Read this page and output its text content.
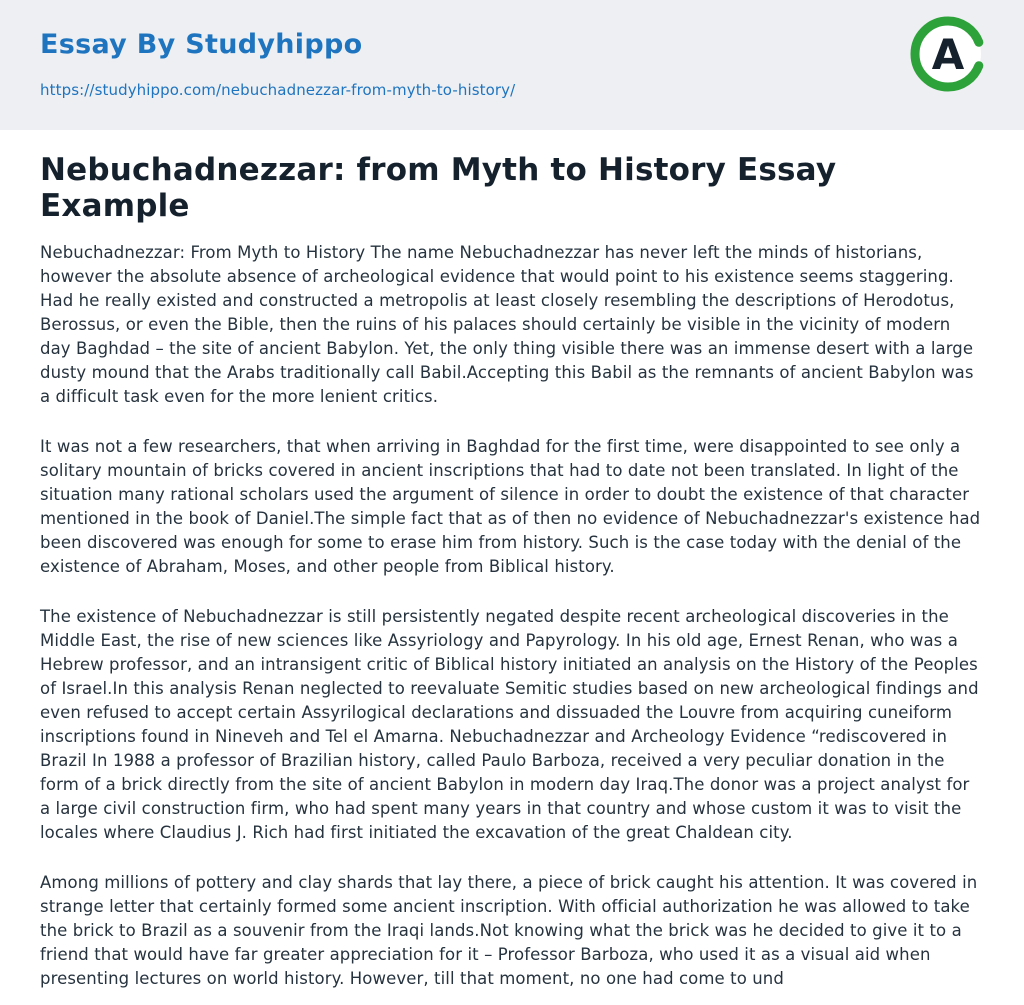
Essay By Studyhippo
https://studyhippo.com/nebuchadnezzar-from-myth-to-history/
A
Nebuchadnezzar: from Myth to History Essay Example

Nebuchadnezzar: From Myth to History The name Nebuchadnezzar has never left the minds of historians, however the absolute absence of archeological evidence that would point to his existence seems staggering. Had he really existed and constructed a metropolis at least closely resembling the descriptions of Herodotus, Berossus, or even the Bible, then the ruins of his palaces should certainly be visible in the vicinity of modern day Baghdad – the site of ancient Babylon. Yet, the only thing visible there was an immense desert with a large dusty mound that the Arabs traditionally call Babil.Accepting this Babil as the remnants of ancient Babylon was a difficult task even for the more lenient critics.

It was not a few researchers, that when arriving in Baghdad for the first time, were disappointed to see only a solitary mountain of bricks covered in ancient inscriptions that had to date not been translated. In light of the situation many rational scholars used the argument of silence in order to doubt the existence of that character mentioned in the book of Daniel.The simple fact that as of then no evidence of Nebuchadnezzar's existence had been discovered was enough for some to erase him from history. Such is the case today with the denial of the existence of Abraham, Moses, and other people from Biblical history.

The existence of Nebuchadnezzar is still persistently negated despite recent archeological discoveries in the Middle East, the rise of new sciences like Assyriology and Papyrology. In his old age, Ernest Renan, who was a Hebrew professor, and an intransigent critic of Biblical history initiated an analysis on the History of the Peoples of Israel.In this analysis Renan neglected to reevaluate Semitic studies based on new archeological findings and even refused to accept certain Assyrilogical declarations and dissuaded the Louvre from acquiring cuneiform inscriptions found in Nineveh and Tel el Amarna. Nebuchadnezzar and Archeology Evidence “rediscovered in Brazil In 1988 a professor of Brazilian history, called Paulo Barboza, received a very peculiar donation in the form of a brick directly from the site of ancient Babylon in modern day Iraq.The donor was a project analyst for a large civil construction firm, who had spent many years in that country and whose custom it was to visit the locales where Claudius J. Rich had first initiated the excavation of the great Chaldean city.

Among millions of pottery and clay shards that lay there, a piece of brick caught his attention. It was covered in strange letter that certainly formed some ancient inscription. With official authorization he was allowed to take the brick to Brazil as a souvenir from the Iraqi lands.Not knowing what the brick was he decided to give it to a friend that would have far greater appreciation for it – Professor Barboza, who used it as a visual aid when presenting lectures on world history. However, till that moment, no one had come to und
